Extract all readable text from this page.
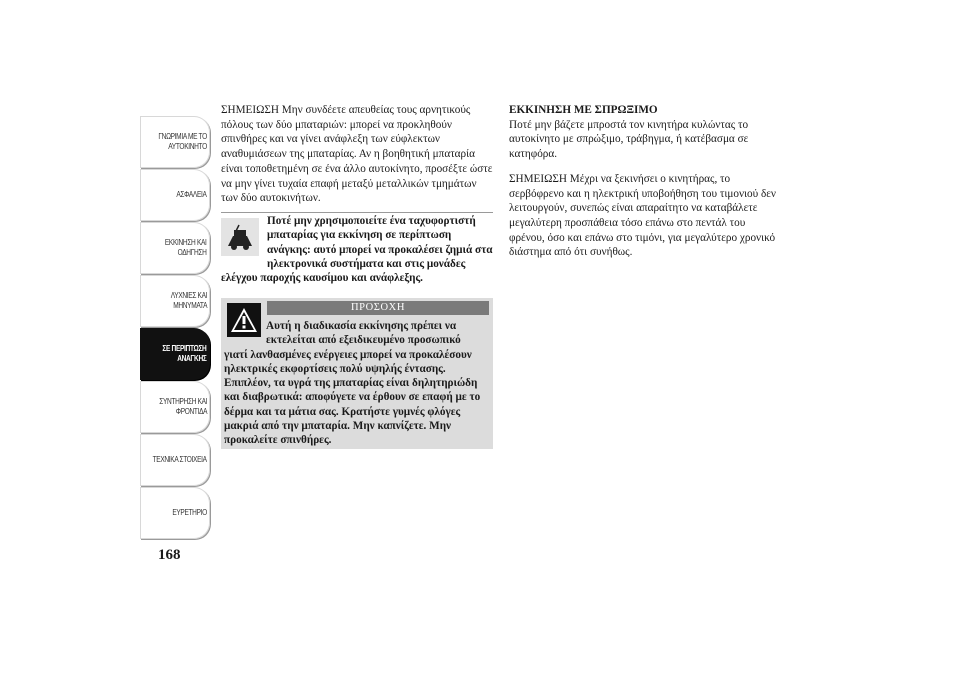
ΓΝΩΡΙΜΙΑ ΜΕ ΤΟ
ΑΥΤΟΚΙΝΗΤΟ
ΑΣΦΑΛΕΙΑ
ΕΚΚΙΝΗΣΗ ΚΑΙ
ΟΔΗΓΗΣΗ
ΛΥΧΝΙΕΣ ΚΑΙ
ΜΗΝΥΜΑΤΑ
ΣΕ ΠΕΡΙΠΤΩΣΗ
ΑΝΑΓΚΗΣ
ΣΥΝΤΗΡΗΣΗ ΚΑΙ
ΦΡΟΝΤΙΔΑ
ΤΕΧΝΙΚΑ ΣΤΟΙΧΕΙΑ
ΕΥΡΕΤΗΡΙΟ
168

ΣΗΜΕΙΩΣΗ Μην συνδέετε απευθείας τους αρνητικούς πόλους των δύο μπαταριών: μπορεί να προκληθούν σπινθήρες και να γίνει ανάφλεξη των εύφλεκτων αναθυμιάσεων της μπαταρίας. Αν η βοηθητική μπαταρία είναι τοποθετημένη σε ένα άλλο αυτοκίνητο, προσέξτε ώστε να μην γίνει τυχαία επαφή μεταξύ μεταλλικών τμημάτων των δύο αυτοκινήτων.

Ποτέ μην χρησιμοποιείτε ένα ταχυφορτιστή μπαταρίας για εκκίνηση σε περίπτωση ανάγκης: αυτό μπορεί να προκαλέσει ζημιά στα ηλεκτρονικά συστήματα και στις μονάδες ελέγχου παροχής καυσίμου και ανάφλεξης.
ΠΡΟΣΟΧΗ
Αυτή η διαδικασία εκκίνησης πρέπει να εκτελείται από εξειδικευμένο προσωπικό
γιατί λανθασμένες ενέργειες μπορεί να προκαλέσουν ηλεκτρικές εκφορτίσεις πολύ υψηλής έντασης. Επιπλέον, τα υγρά της μπαταρίας είναι δηλητηριώδη και διαβρωτικά: αποφύγετε να έρθουν σε επαφή με το δέρμα και τα μάτια σας. Κρατήστε γυμνές φλόγες μακριά από την μπαταρία. Μην καπνίζετε. Μην προκαλείτε σπινθήρες.

ΕΚΚΙΝΗΣΗ ΜΕ ΣΠΡΩΞΙΜΟ

Ποτέ μην βάζετε μπροστά τον κινητήρα κυλώντας το αυτοκίνητο με σπρώξιμο, τράβηγμα, ή κατέβασμα σε κατηφόρα.

ΣΗΜΕΙΩΣΗ Μέχρι να ξεκινήσει ο κινητήρας, το σερβόφρενο και η ηλεκτρική υποβοήθηση του τιμονιού δεν λειτουργούν, συνεπώς είναι απαραίτητο να καταβάλετε μεγαλύτερη προσπάθεια τόσο επάνω στο πεντάλ του φρένου, όσο και επάνω στο τιμόνι, για μεγαλύτερο χρονικό διάστημα από ότι συνήθως.
